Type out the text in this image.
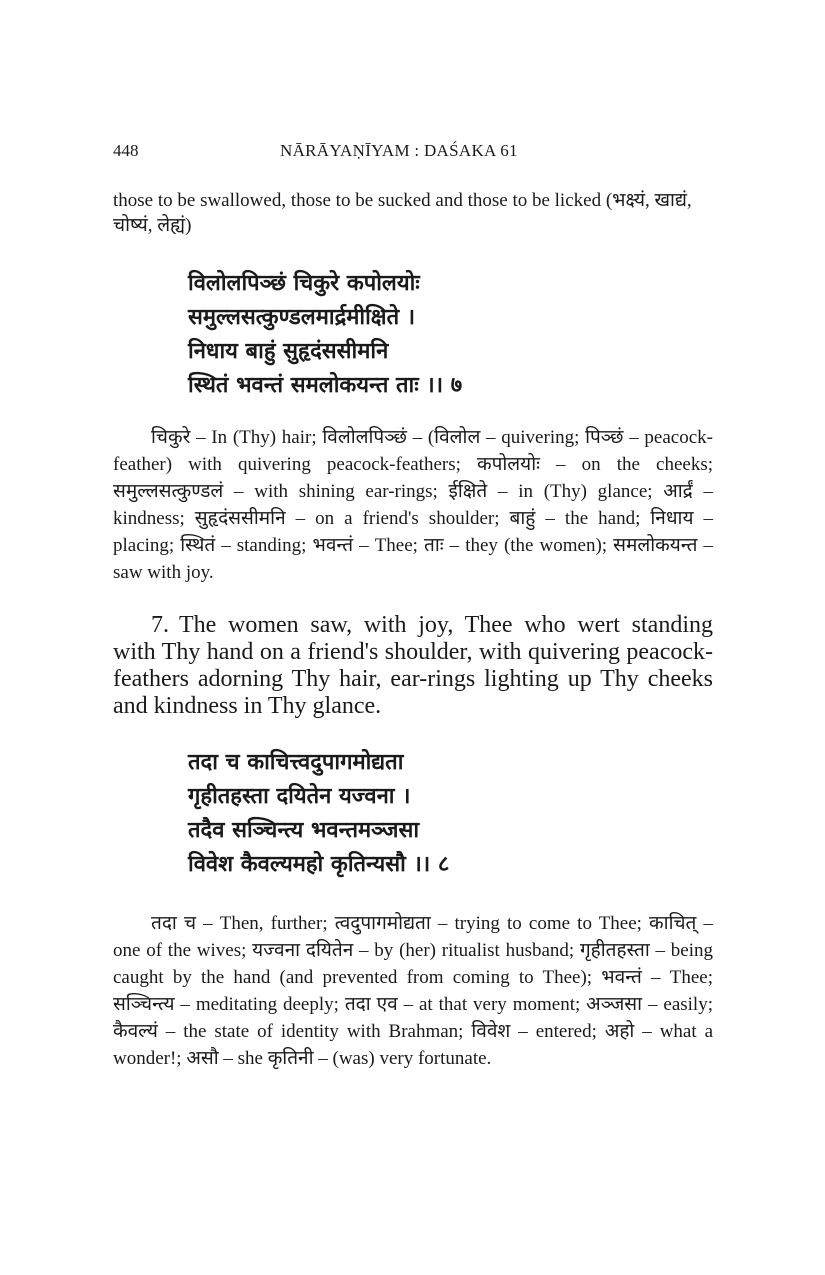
448	NĀRĀYAṆĪYAM : DAŚAKA 61

those to be swallowed, those to be sucked and those to be licked (भक्ष्यं, खाद्यं, चोष्यं, लेह्यं)

विलोलपिञ्छं चिकुरे कपोलयोः
समुल्लसत्कुण्डलमार्द्रमीक्षिते ।
निधाय बाहुं सुहृदंससीमनि
स्थितं भवन्तं समलोकयन्त ताः ।। ७

चिकुरे – In (Thy) hair; विलोलपिञ्छं – (विलोल – quivering; पिञ्छं – peacock-feather) with quivering peacock-feathers; कपोलयोः – on the cheeks; समुल्लसत्कुण्डलं – with shining ear-rings; ईक्षिते – in (Thy) glance; आर्द्रं – kindness; सुहृदंससीमनि – on a friend's shoulder; बाहुं – the hand; निधाय – placing; स्थितं – standing; भवन्तं – Thee; ताः – they (the women); समलोकयन्त – saw with joy.

7. The women saw, with joy, Thee who wert standing with Thy hand on a friend's shoulder, with quivering peacock-feathers adorning Thy hair, ear-rings lighting up Thy cheeks and kindness in Thy glance.

तदा च काचित्त्वदुपागमोद्यता
गृहीतहस्ता दयितेन यज्वना ।
तदैव सञ्चिन्त्य भवन्तमञ्जसा
विवेश कैवल्यमहो कृतिन्यसौ ।। ८

तदा च – Then, further; त्वदुपागमोद्यता – trying to come to Thee; काचित् – one of the wives; यज्वना दयितेन – by (her) ritualist husband; गृहीतहस्ता – being caught by the hand (and prevented from coming to Thee); भवन्तं – Thee; सञ्चिन्त्य – meditating deeply; तदा एव – at that very moment; अञ्जसा – easily; कैवल्यं – the state of identity with Brahman; विवेश – entered; अहो – what a wonder!; असौ – she कृतिनी – (was) very fortunate.
